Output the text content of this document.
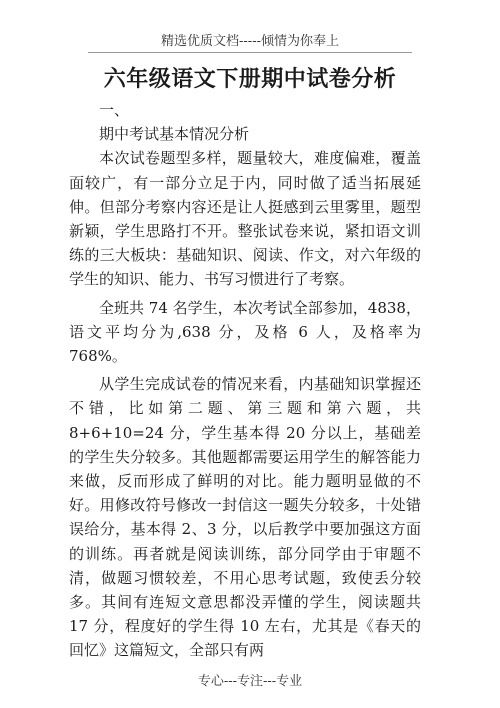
精选优质文档-----倾情为你奉上
六年级语文下册期中试卷分析

一、

期中考试基本情况分析

本次试卷题型多样，题量较大，难度偏难，覆盖面较广，有一部分立足于内，同时做了适当拓展延伸。但部分考察内容还是让人挺感到云里雾里，题型新颖，学生思路打不开。整张试卷来说，紧扣语文训练的三大板块：基础知识、阅读、作文，对六年级的学生的知识、能力、书写习惯进行了考察。

全班共 74 名学生，本次考试全部参加，4838，语文平均分为,638 分，及格 6 人，及格率为 768%。

从学生完成试卷的情况来看，内基础知识掌握还不错，比如第二题、第三题和第六题，共 8+6+10=24 分，学生基本得 20 分以上，基础差的学生失分较多。其他题都需要运用学生的解答能力来做，反而形成了鲜明的对比。能力题明显做的不好。用修改符号修改一封信这一题失分较多，十处错误给分，基本得 2、3 分，以后教学中要加强这方面的训练。再者就是阅读训练，部分同学由于审题不清，做题习惯较差，不用心思考试题，致使丢分较多。其间有连短文意思都没弄懂的学生，阅读题共 17 分，程度好的学生得 10 左右，尤其是《春天的回忆》这篇短文，全部只有两

专心---专注---专业
